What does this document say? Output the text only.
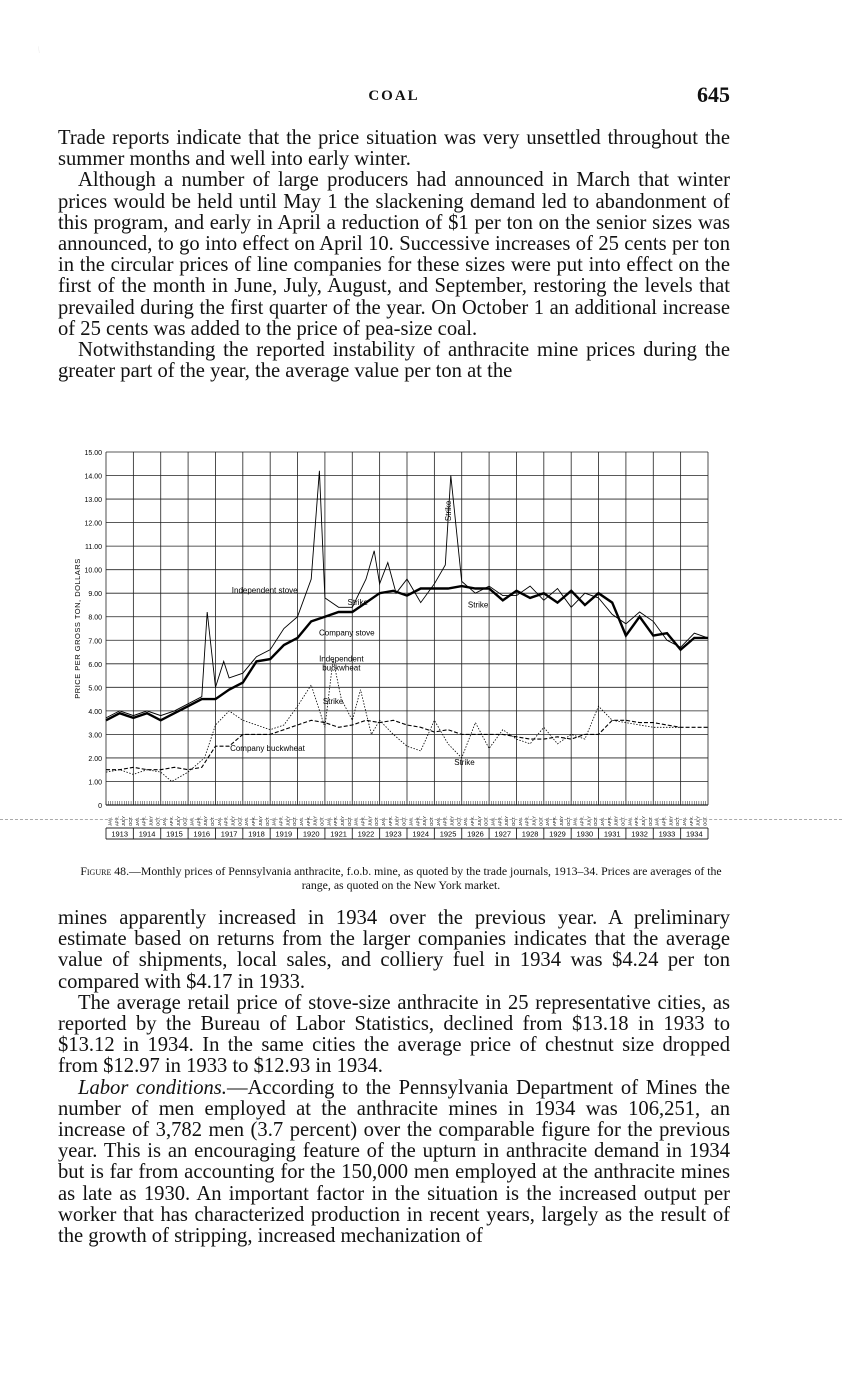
COAL	645

Trade reports indicate that the price situation was very unsettled throughout the summer months and well into early winter.

Although a number of large producers had announced in March that winter prices would be held until May 1 the slackening demand led to abandonment of this program, and early in April a reduction of $1 per ton on the senior sizes was announced, to go into effect on April 10. Successive increases of 25 cents per ton in the circular prices of line companies for these sizes were put into effect on the first of the month in June, July, August, and September, restoring the levels that prevailed during the first quarter of the year. On October 1 an additional increase of 25 cents was added to the price of pea-size coal.

Notwithstanding the reported instability of anthracite mine prices during the greater part of the year, the average value per ton at the

0
1.00
2.00
3.00
4.00
5.00
6.00
7.00
8.00
9.00
10.00
11.00
12.00
13.00
14.00
15.00
PRICE PER GROSS TON, DOLLARS
JAN. APR. JULY OCT. JAN. APR. JULY OCT. JAN. APR. JULY OCT. JAN. APR. JULY OCT. JAN. APR. JULY OCT. JAN. APR. JULY OCT. JAN. APR. JULY OCT. JAN. APR. JULY OCT. JAN. APR. JULY OCT. JAN. APR. JULY OCT. JAN. APR. JULY OCT. JAN. APR. JULY OCT. JAN. APR. JULY OCT. JAN. APR. JULY OCT. JAN. APR. JULY OCT. JAN. APR. JULY OCT. JAN. APR. JULY OCT. JAN. APR. JULY OCT. JAN. APR. JULY OCT. JAN. APR. JULY OCT. JAN. APR. JULY OCT. JAN. APR. JULY OCT.
1913 1914 1915 1916 1917 1918 1919 1920 1921 1922 1923 1924 1925 1926 1927 1928 1929 1930 1931 1932 1933 1934
Independent stove
Company stove
Independent buckwheat
Company buckwheat
Strike	Strike
Strike
Strike
Strike
Figure 48.—Monthly prices of Pennsylvania anthracite, f.o.b. mine, as quoted by the trade journals, 1913–34. Prices are averages of the range, as quoted on the New York market.

mines apparently increased in 1934 over the previous year. A preliminary estimate based on returns from the larger companies indicates that the average value of shipments, local sales, and colliery fuel in 1934 was $4.24 per ton compared with $4.17 in 1933.

The average retail price of stove-size anthracite in 25 representative cities, as reported by the Bureau of Labor Statistics, declined from $13.18 in 1933 to $13.12 in 1934. In the same cities the average price of chestnut size dropped from $12.97 in 1933 to $12.93 in 1934.

Labor conditions.—According to the Pennsylvania Department of Mines the number of men employed at the anthracite mines in 1934 was 106,251, an increase of 3,782 men (3.7 percent) over the comparable figure for the previous year. This is an encouraging feature of the upturn in anthracite demand in 1934 but is far from accounting for the 150,000 men employed at the anthracite mines as late as 1930. An important factor in the situation is the increased output per worker that has characterized production in recent years, largely as the result of the growth of stripping, increased mechanization of
